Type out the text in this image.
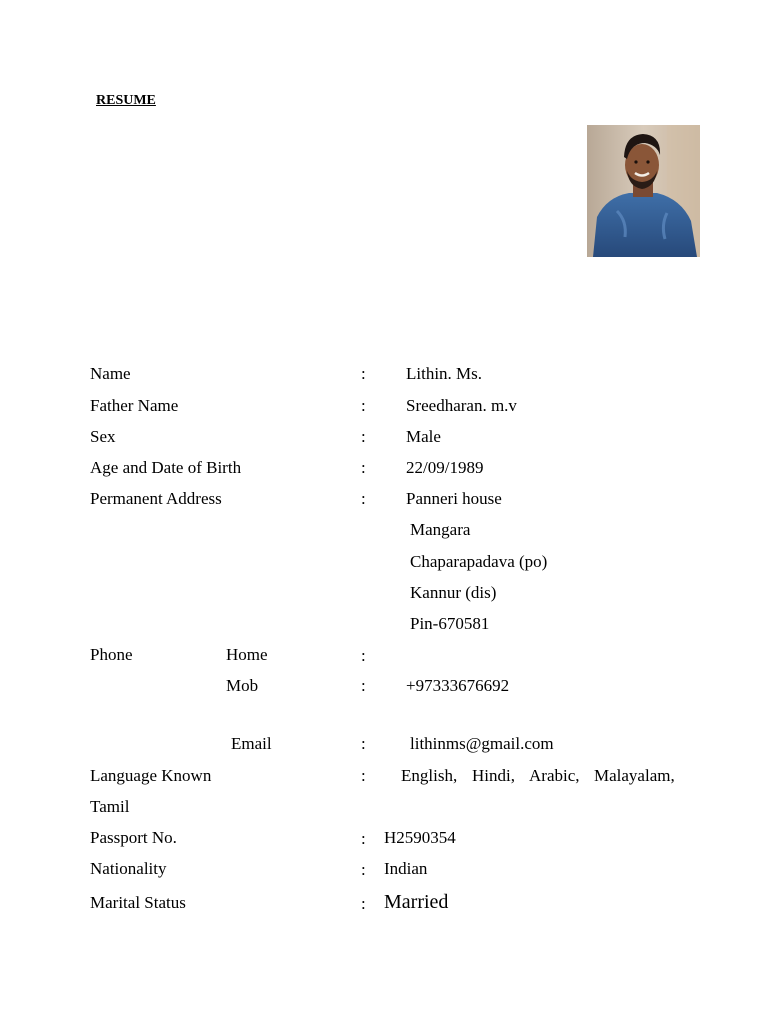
RESUME
Name	: Lithin. Ms.
Father Name	: Sreedharan. m.v
Sex	: Male
Age and Date of Birth	: 22/09/1989
Permanent Address	: Panneri house
Mangara
Chaparapadava (po)
Kannur (dis)
Pin-670581
Phone	Home	:
Mob	: +97333676692
Email	:	lithinms@gmail.com
Language Known	: English, Hindi, Arabic, Malayalam,
Tamil
Passport No.	: H2590354
Nationality	: Indian
Marital Status	: Married
